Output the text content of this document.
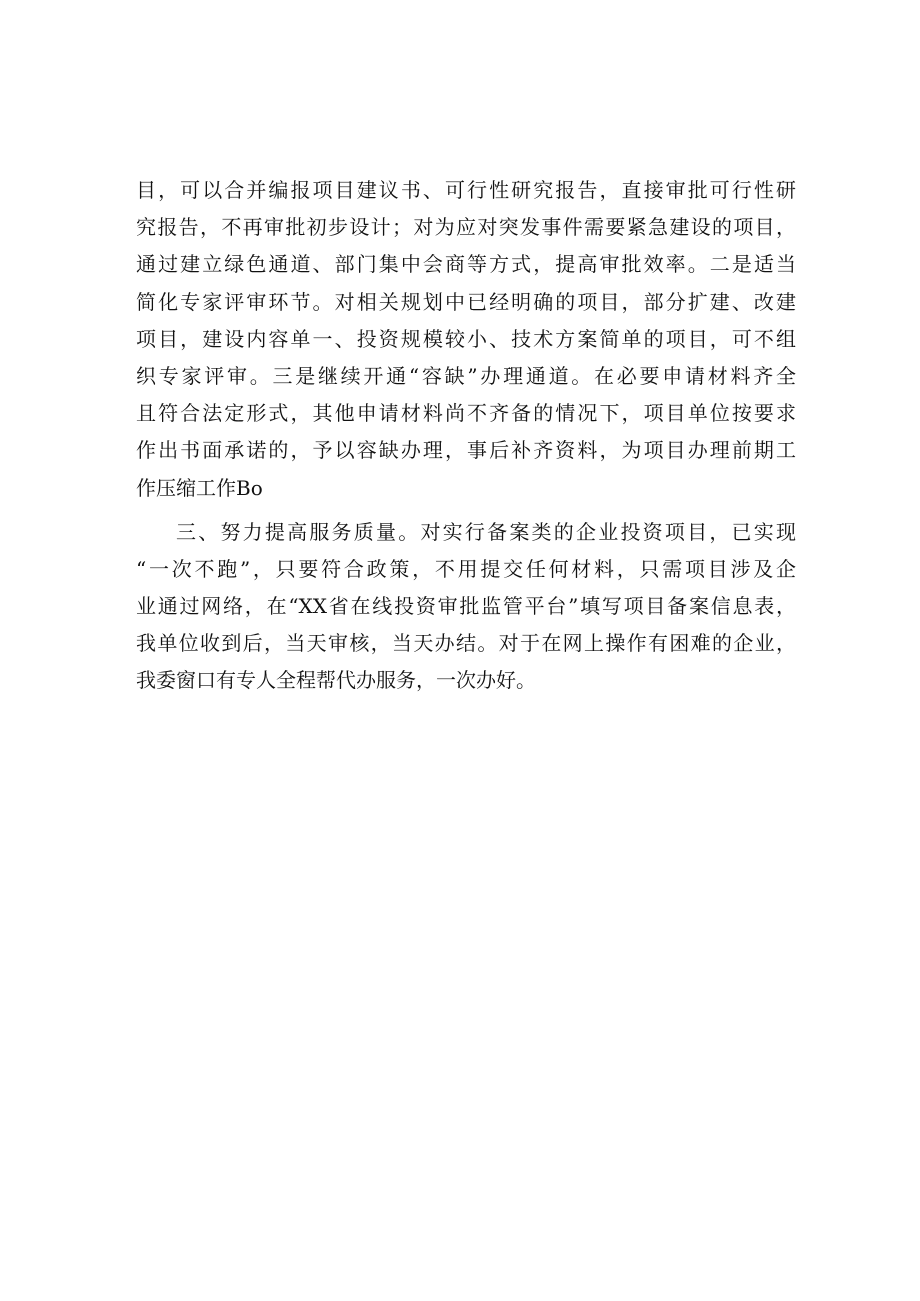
目，可以合并编报项目建议书、可行性研究报告，直接审批可行性研
究报告，不再审批初步设计；对为应对突发事件需要紧急建设的项目，
通过建立绿色通道、部门集中会商等方式，提高审批效率。二是适当
简化专家评审环节。对相关规划中已经明确的项目，部分扩建、改建
项目，建设内容单一、投资规模较小、技术方案简单的项目，可不组
织专家评审。三是继续开通“容缺”办理通道。在必要申请材料齐全
且符合法定形式，其他申请材料尚不齐备的情况下，项目单位按要求
作出书面承诺的，予以容缺办理，事后补齐资料，为项目办理前期工
作压缩工作Bo
三、努力提高服务质量。对实行备案类的企业投资项目，已实现
“一次不跑”，只要符合政策，不用提交任何材料，只需项目涉及企
业通过网络，在“XX省在线投资审批监管平台”填写项目备案信息表，
我单位收到后，当天审核，当天办结。对于在网上操作有困难的企业，
我委窗口有专人全程帮代办服务，一次办好。
